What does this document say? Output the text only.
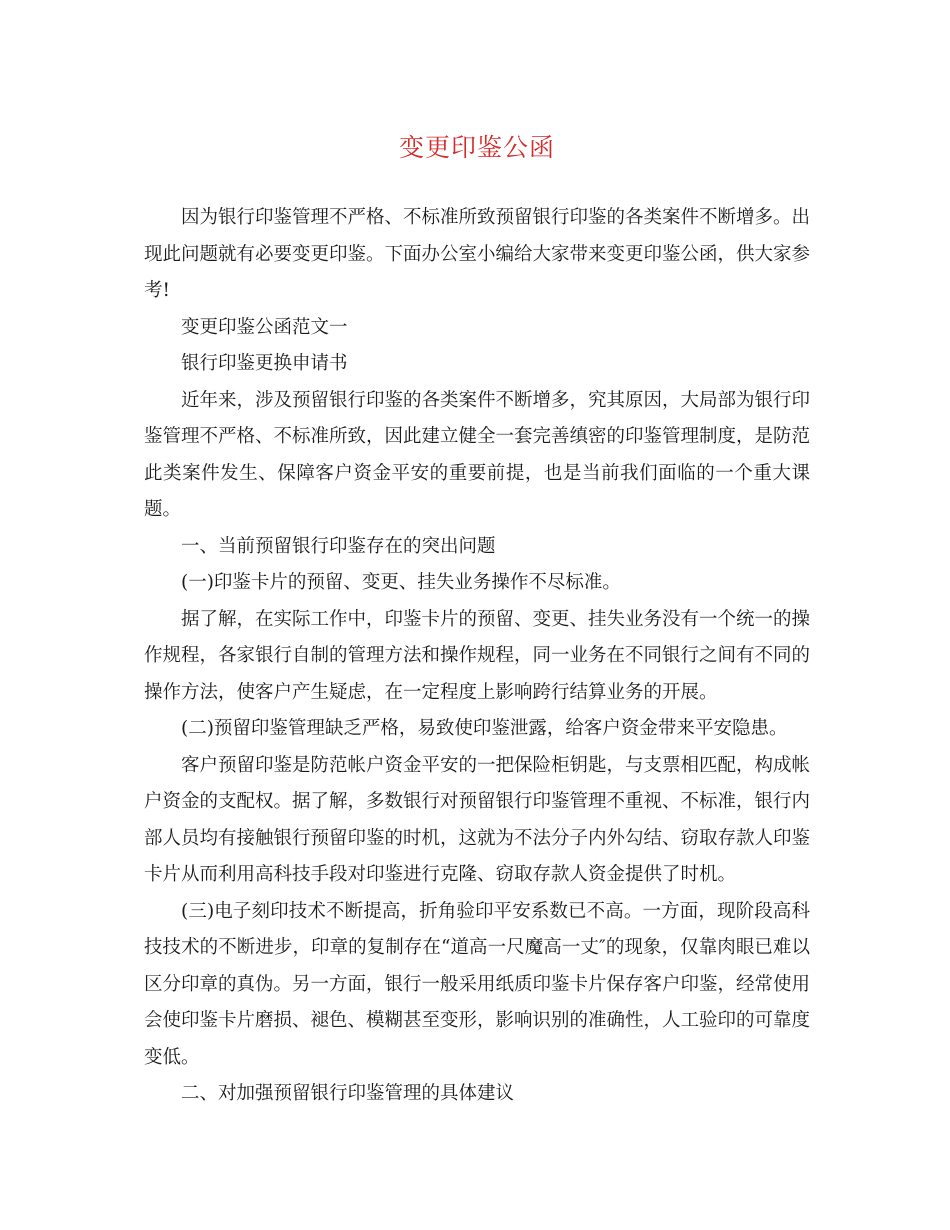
变更印鉴公函

因为银行印鉴管理不严格、不标准所致预留银行印鉴的各类案件不断增多。出现此问题就有必要变更印鉴。下面办公室小编给大家带来变更印鉴公函，供大家参考!

变更印鉴公函范文一

银行印鉴更换申请书

近年来，涉及预留银行印鉴的各类案件不断增多，究其原因，大局部为银行印鉴管理不严格、不标准所致，因此建立健全一套完善缜密的印鉴管理制度，是防范此类案件发生、保障客户资金平安的重要前提，也是当前我们面临的一个重大课题。

一、当前预留银行印鉴存在的突出问题

(一)印鉴卡片的预留、变更、挂失业务操作不尽标准。

据了解，在实际工作中，印鉴卡片的预留、变更、挂失业务没有一个统一的操作规程，各家银行自制的管理方法和操作规程，同一业务在不同银行之间有不同的操作方法，使客户产生疑虑，在一定程度上影响跨行结算业务的开展。

(二)预留印鉴管理缺乏严格，易致使印鉴泄露，给客户资金带来平安隐患。

客户预留印鉴是防范帐户资金平安的一把保险柜钥匙，与支票相匹配，构成帐户资金的支配权。据了解，多数银行对预留银行印鉴管理不重视、不标准，银行内部人员均有接触银行预留印鉴的时机，这就为不法分子内外勾结、窃取存款人印鉴卡片从而利用高科技手段对印鉴进行克隆、窃取存款人资金提供了时机。

(三)电子刻印技术不断提高，折角验印平安系数已不高。一方面，现阶段高科技技术的不断进步，印章的复制存在“道高一尺魔高一丈″的现象，仅靠肉眼已难以区分印章的真伪。另一方面，银行一般采用纸质印鉴卡片保存客户印鉴，经常使用会使印鉴卡片磨损、褪色、模糊甚至变形，影响识别的准确性，人工验印的可靠度变低。

二、对加强预留银行印鉴管理的具体建议
